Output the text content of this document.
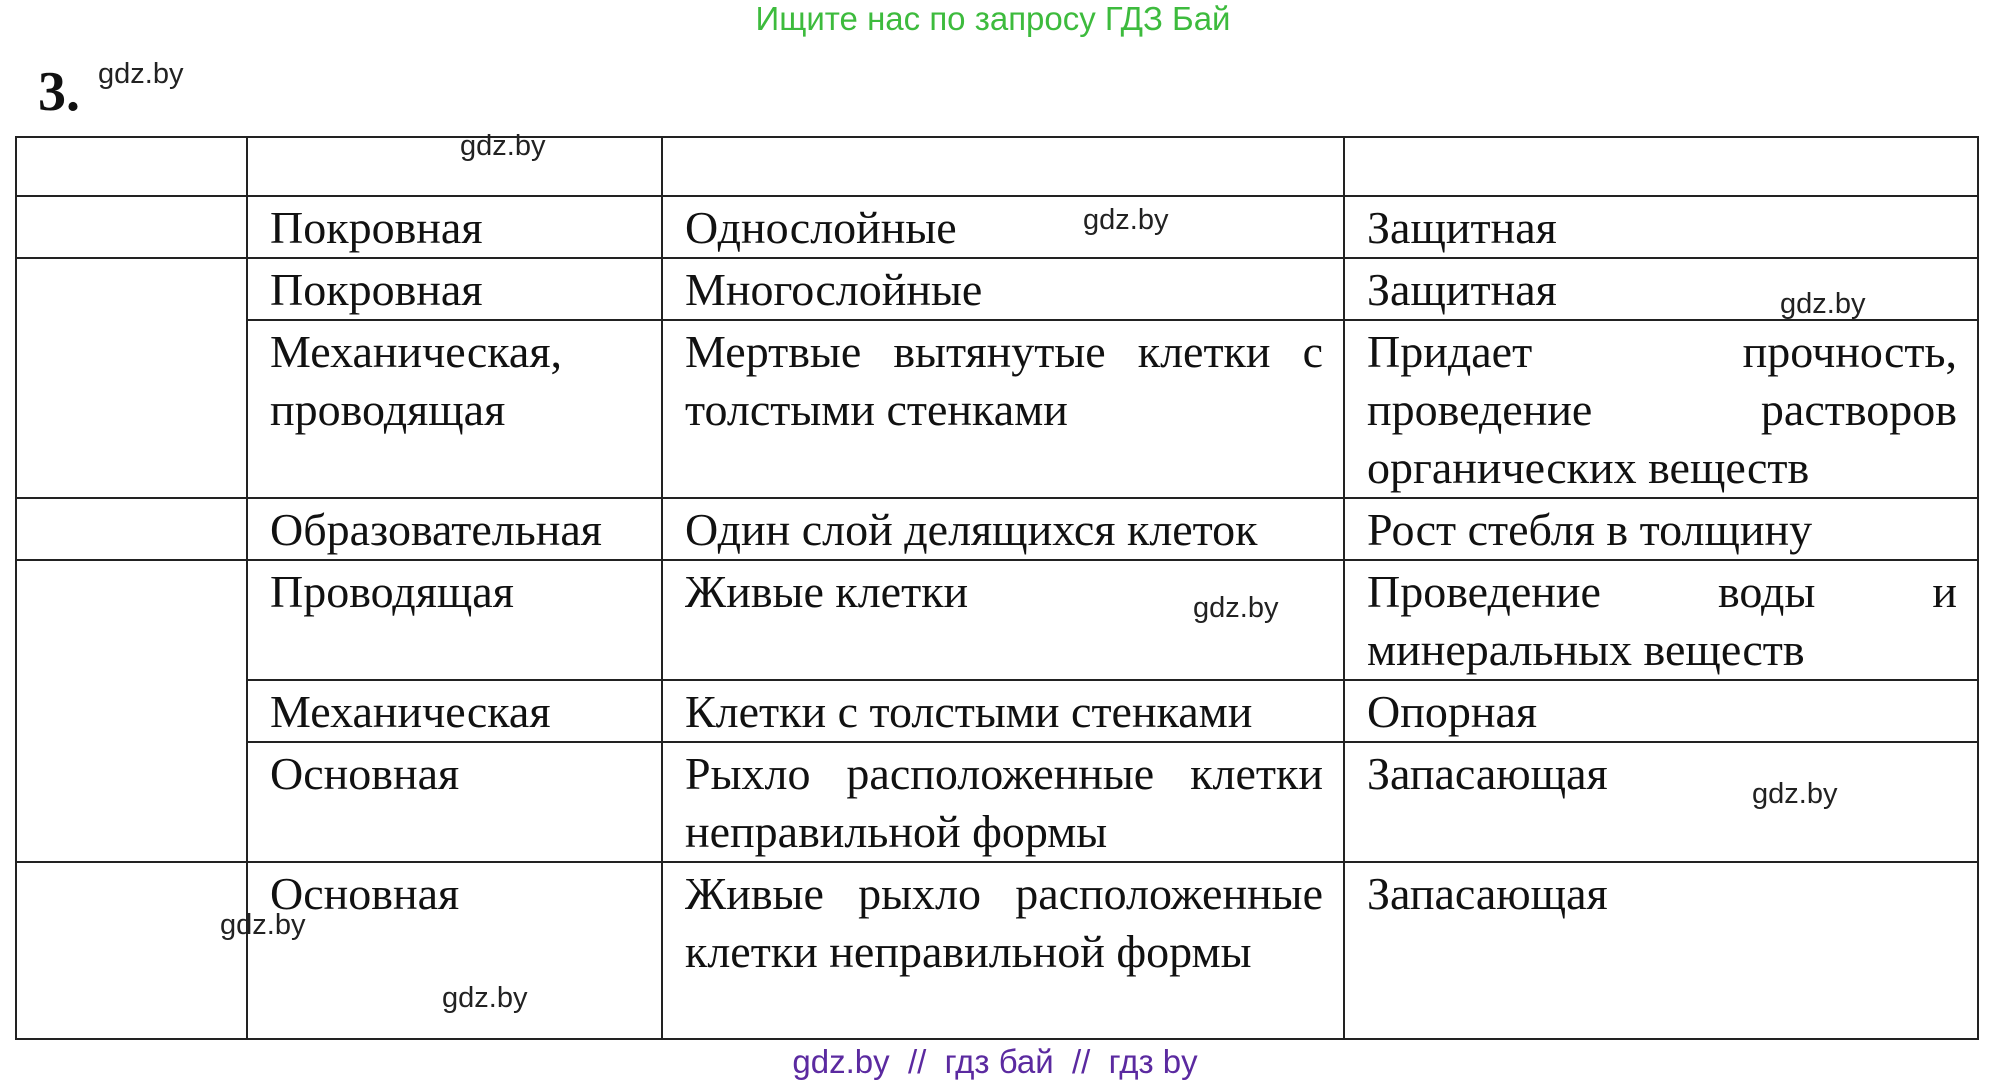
Ищите нас по запросу ГДЗ Бай
3.

	Покровная	Однослойные	Защитная
	Покровная	Многослойные	Защитная
	Механическая, проводящая	Мертвые вытянутые клетки с толстыми стенками	Придает прочность, проведение растворов органических веществ
	Образовательная	Один слой делящихся клеток	Рост стебля в толщину
	Проводящая	Живые клетки	Проведение воды и минеральных веществ
	Механическая	Клетки с толстыми стенками	Опорная
	Основная	Рыхло расположенные клетки неправильной формы	Запасающая
	Основная	Живые рыхло расположенные клетки неправильной формы	Запасающая
gdz.by
gdz.by
gdz.by
gdz.by
gdz.by
gdz.by
gdz.by
gdz.by
gdz.by  //  гдз бай  //  гдз by
